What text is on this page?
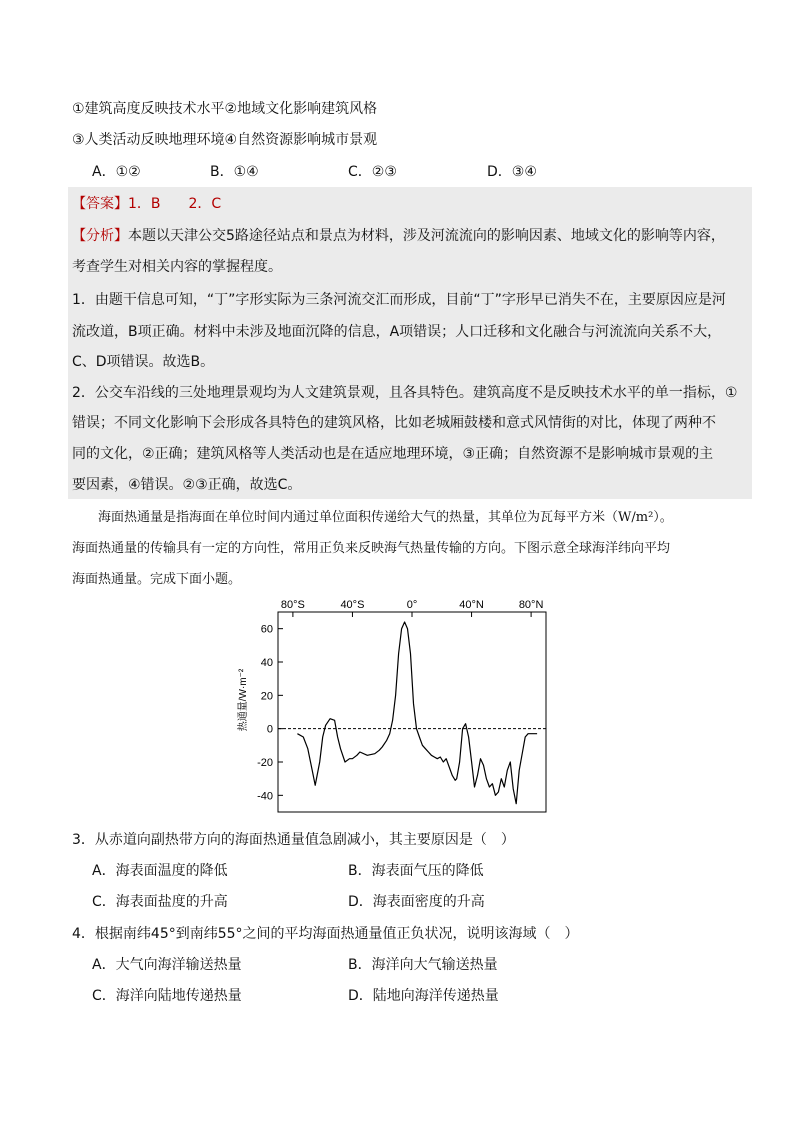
①建筑高度反映技术水平②地域文化影响建筑风格
③人类活动反映地理环境④自然资源影响城市景观
A．①②	B．①④	C．②③	D．③④
【答案】1．B　　2．C
【分析】本题以天津公交5路途径站点和景点为材料，涉及河流流向的影响因素、地域文化的影响等内容，
考查学生对相关内容的掌握程度。
1．由题干信息可知，“丁”字形实际为三条河流交汇而形成，目前“丁”字形早已消失不在，主要原因应是河
流改道，B项正确。材料中未涉及地面沉降的信息，A项错误；人口迁移和文化融合与河流流向关系不大，
C、D项错误。故选B。
2．公交车沿线的三处地理景观均为人文建筑景观，且各具特色。建筑高度不是反映技术水平的单一指标，①
错误；不同文化影响下会形成各具特色的建筑风格，比如老城厢鼓楼和意式风情街的对比，体现了两种不
同的文化，②正确；建筑风格等人类活动也是在适应地理环境，③正确；自然资源不是影响城市景观的主
要因素，④错误。②③正确，故选C。
　　海面热通量是指海面在单位时间内通过单位面积传递给大气的热量，其单位为瓦每平方米（W/m²）。
海面热通量的传输具有一定的方向性，常用正负来反映海气热量传输的方向。下图示意全球海洋纬向平均
海面热通量。完成下面小题。
80°S	40°S	0°	40°N	80°N
60
40
20
0
-20
-40
热通量/W·m⁻²
3．从赤道向副热带方向的海面热通量值急剧减小，其主要原因是（　）
A．海表面温度的降低	B．海表面气压的降低
C．海表面盐度的升高	D．海表面密度的升高
4．根据南纬45°到南纬55°之间的平均海面热通量值正负状况，说明该海域（　）
A．大气向海洋输送热量	B．海洋向大气输送热量
C．海洋向陆地传递热量	D．陆地向海洋传递热量
